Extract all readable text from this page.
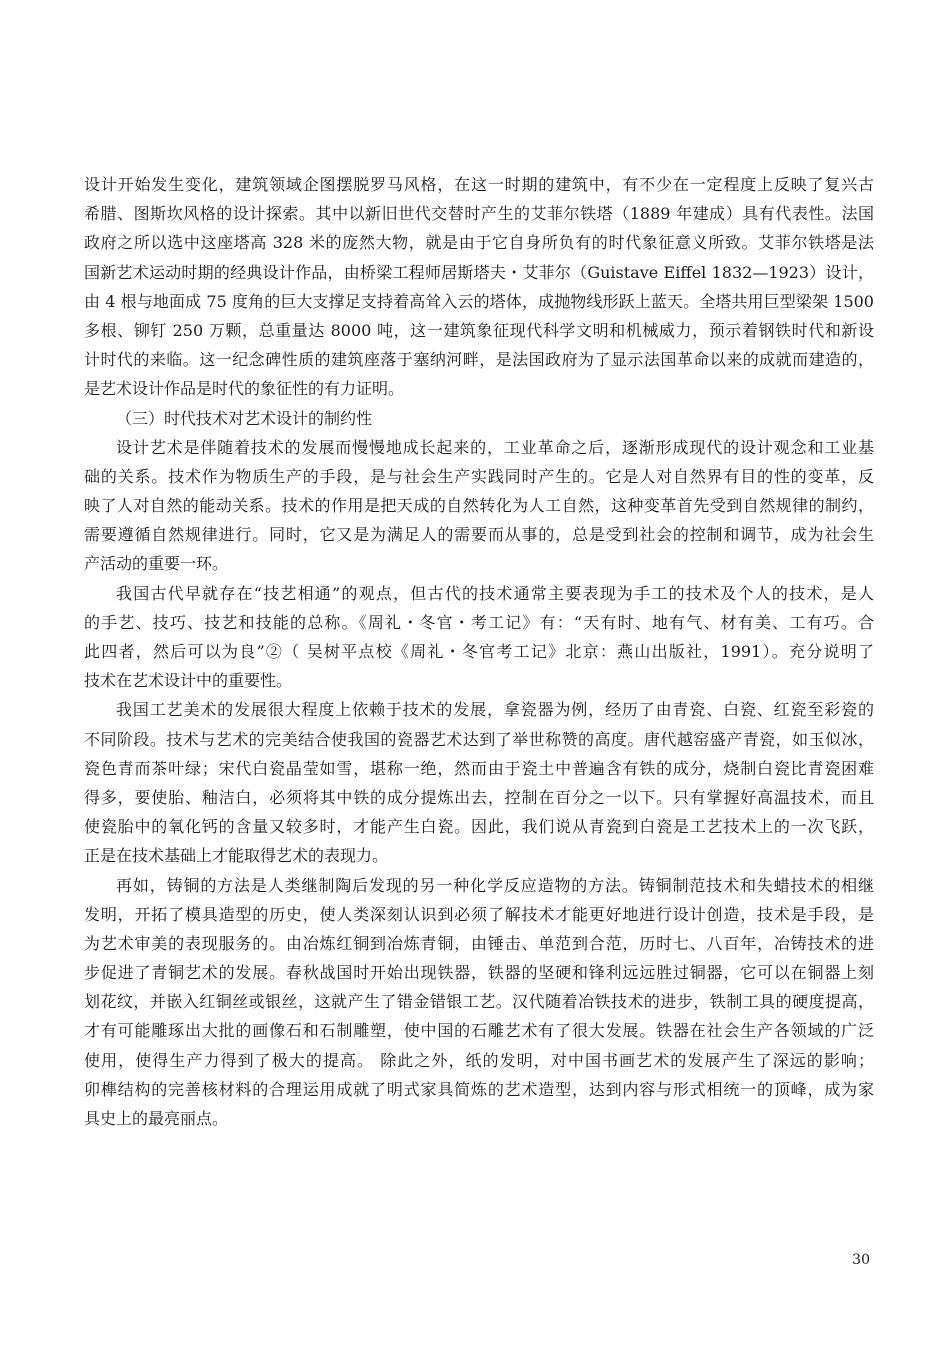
设计开始发生变化，建筑领域企图摆脱罗马风格，在这一时期的建筑中，有不少在一定程度上反映了复兴古
希腊、图斯坎风格的设计探索。其中以新旧世代交替时产生的艾菲尔铁塔（1889 年建成）具有代表性。法国
政府之所以选中这座塔高 328 米的庞然大物，就是由于它自身所负有的时代象征意义所致。艾菲尔铁塔是法
国新艺术运动时期的经典设计作品，由桥梁工程师居斯塔夫・艾菲尔（Guistave Eiffel 1832—1923）设计，
由 4 根与地面成 75 度角的巨大支撑足支持着高耸入云的塔体，成抛物线形跃上蓝天。全塔共用巨型梁架 1500
多根、铆钉 250 万颗，总重量达 8000 吨，这一建筑象征现代科学文明和机械威力，预示着钢铁时代和新设
计时代的来临。这一纪念碑性质的建筑座落于塞纳河畔，是法国政府为了显示法国革命以来的成就而建造的，
是艺术设计作品是时代的象征性的有力证明。
（三）时代技术对艺术设计的制约性
设计艺术是伴随着技术的发展而慢慢地成长起来的，工业革命之后，逐渐形成现代的设计观念和工业基
础的关系。技术作为物质生产的手段，是与社会生产实践同时产生的。它是人对自然界有目的性的变革，反
映了人对自然的能动关系。技术的作用是把天成的自然转化为人工自然，这种变革首先受到自然规律的制约，
需要遵循自然规律进行。同时，它又是为满足人的需要而从事的，总是受到社会的控制和调节，成为社会生
产活动的重要一环。
我国古代早就存在“技艺相通”的观点，但古代的技术通常主要表现为手工的技术及个人的技术，是人
的手艺、技巧、技艺和技能的总称。《周礼・冬官・考工记》有：“天有时、地有气、材有美、工有巧。合
此四者，然后可以为良”②（ 吴树平点校《周礼・冬官考工记》北京：燕山出版社，1991）。充分说明了
技术在艺术设计中的重要性。
我国工艺美术的发展很大程度上依赖于技术的发展，拿瓷器为例，经历了由青瓷、白瓷、红瓷至彩瓷的
不同阶段。技术与艺术的完美结合使我国的瓷器艺术达到了举世称赞的高度。唐代越窑盛产青瓷，如玉似冰，
瓷色青而茶叶绿；宋代白瓷晶莹如雪，堪称一绝，然而由于瓷土中普遍含有铁的成分，烧制白瓷比青瓷困难
得多，要使胎、釉洁白，必须将其中铁的成分提炼出去，控制在百分之一以下。只有掌握好高温技术，而且
使瓷胎中的氧化钙的含量又较多时，才能产生白瓷。因此，我们说从青瓷到白瓷是工艺技术上的一次飞跃，
正是在技术基础上才能取得艺术的表现力。
再如，铸铜的方法是人类继制陶后发现的另一种化学反应造物的方法。铸铜制范技术和失蜡技术的相继
发明，开拓了模具造型的历史，使人类深刻认识到必须了解技术才能更好地进行设计创造，技术是手段，是
为艺术审美的表现服务的。由冶炼红铜到冶炼青铜，由锤击、单范到合范，历时七、八百年，冶铸技术的进
步促进了青铜艺术的发展。春秋战国时开始出现铁器，铁器的坚硬和锋利远远胜过铜器，它可以在铜器上刻
划花纹，并嵌入红铜丝或银丝，这就产生了错金错银工艺。汉代随着冶铁技术的进步，铁制工具的硬度提高，
才有可能雕琢出大批的画像石和石制雕塑，使中国的石雕艺术有了很大发展。铁器在社会生产各领域的广泛
使用，使得生产力得到了极大的提高。 除此之外，纸的发明，对中国书画艺术的发展产生了深远的影响；
卯榫结构的完善核材料的合理运用成就了明式家具简炼的艺术造型，达到内容与形式相统一的顶峰，成为家
具史上的最亮丽点。
30
